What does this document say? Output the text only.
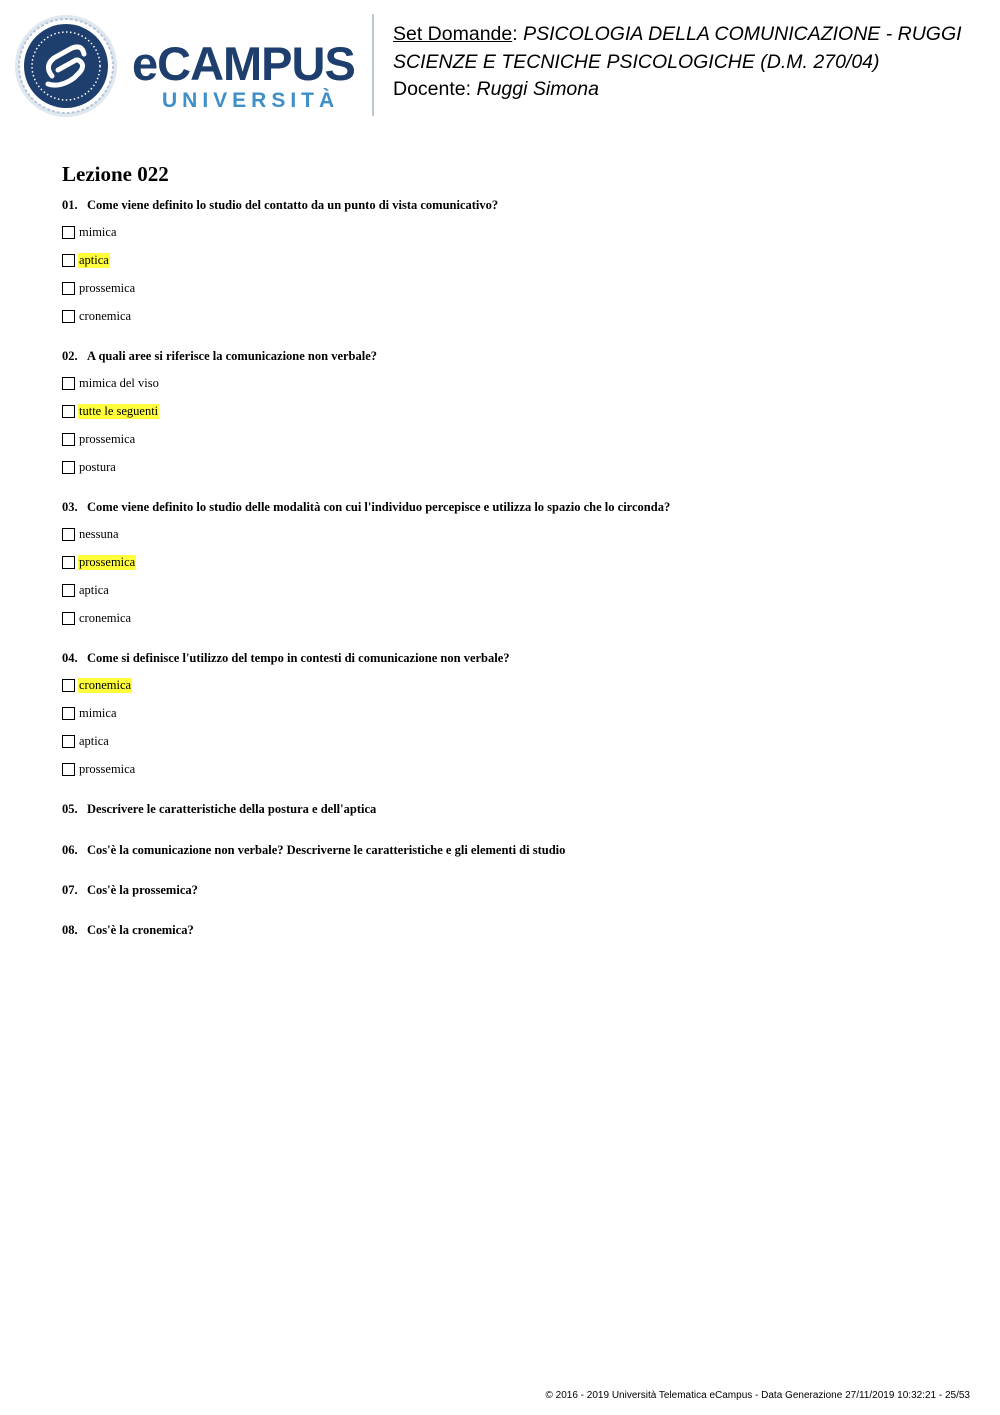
eCAMPUS
UNIVERSITÀ
Set Domande: PSICOLOGIA DELLA COMUNICAZIONE - RUGGI
SCIENZE E TECNICHE PSICOLOGICHE (D.M. 270/04)
Docente: Ruggi Simona
Lezione 022
01. Come viene definito lo studio del contatto da un punto di vista comunicativo?
mimica
aptica
prossemica
cronemica
02. A quali aree si riferisce la comunicazione non verbale?
mimica del viso
tutte le seguenti
prossemica
postura
03. Come viene definito lo studio delle modalità con cui l'individuo percepisce e utilizza lo spazio che lo circonda?
nessuna
prossemica
aptica
cronemica
04. Come si definisce l'utilizzo del tempo in contesti di comunicazione non verbale?
cronemica
mimica
aptica
prossemica
05. Descrivere le caratteristiche della postura e dell'aptica
06. Cos'è la comunicazione non verbale? Descriverne le caratteristiche e gli elementi di studio
07. Cos'è la prossemica?
08. Cos'è la cronemica?
© 2016 - 2019 Università Telematica eCampus - Data Generazione 27/11/2019 10:32:21 - 25/53
